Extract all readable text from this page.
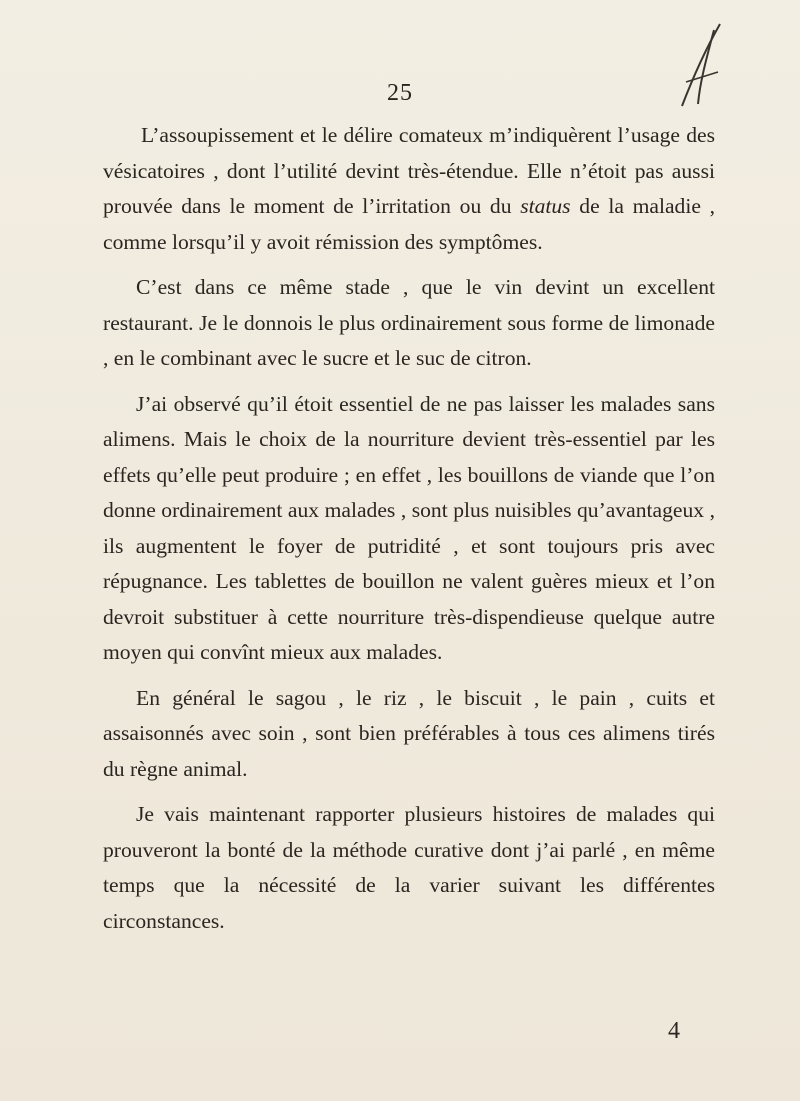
25

L’assoupissement et le délire comateux m’indiquèrent l’usage des vésicatoires , dont l’utilité devint très-étendue. Elle n’étoit pas aussi prouvée dans le moment de l’irritation ou du status de la maladie , comme lorsqu’il y avoit rémission des symptômes.

C’est dans ce même stade , que le vin devint un excellent restaurant. Je le donnois le plus ordinairement sous forme de limonade , en le combinant avec le sucre et le suc de citron.

J’ai observé qu’il étoit essentiel de ne pas laisser les malades sans alimens. Mais le choix de la nourriture devient très-essentiel par les effets qu’elle peut produire ; en effet , les bouillons de viande que l’on donne ordinairement aux malades , sont plus nuisibles qu’avantageux , ils augmentent le foyer de putridité , et sont toujours pris avec répugnance. Les tablettes de bouillon ne valent guères mieux et l’on devroit substituer à cette nourriture très-dispendieuse quelque autre moyen qui convînt mieux aux malades.

En général le sagou , le riz , le biscuit , le pain , cuits et assaisonnés avec soin , sont bien préférables à tous ces alimens tirés du règne animal.

Je vais maintenant rapporter plusieurs histoires de malades qui prouveront la bonté de la méthode curative dont j’ai parlé , en même temps que la nécessité de la varier suivant les différentes circonstances.

4
